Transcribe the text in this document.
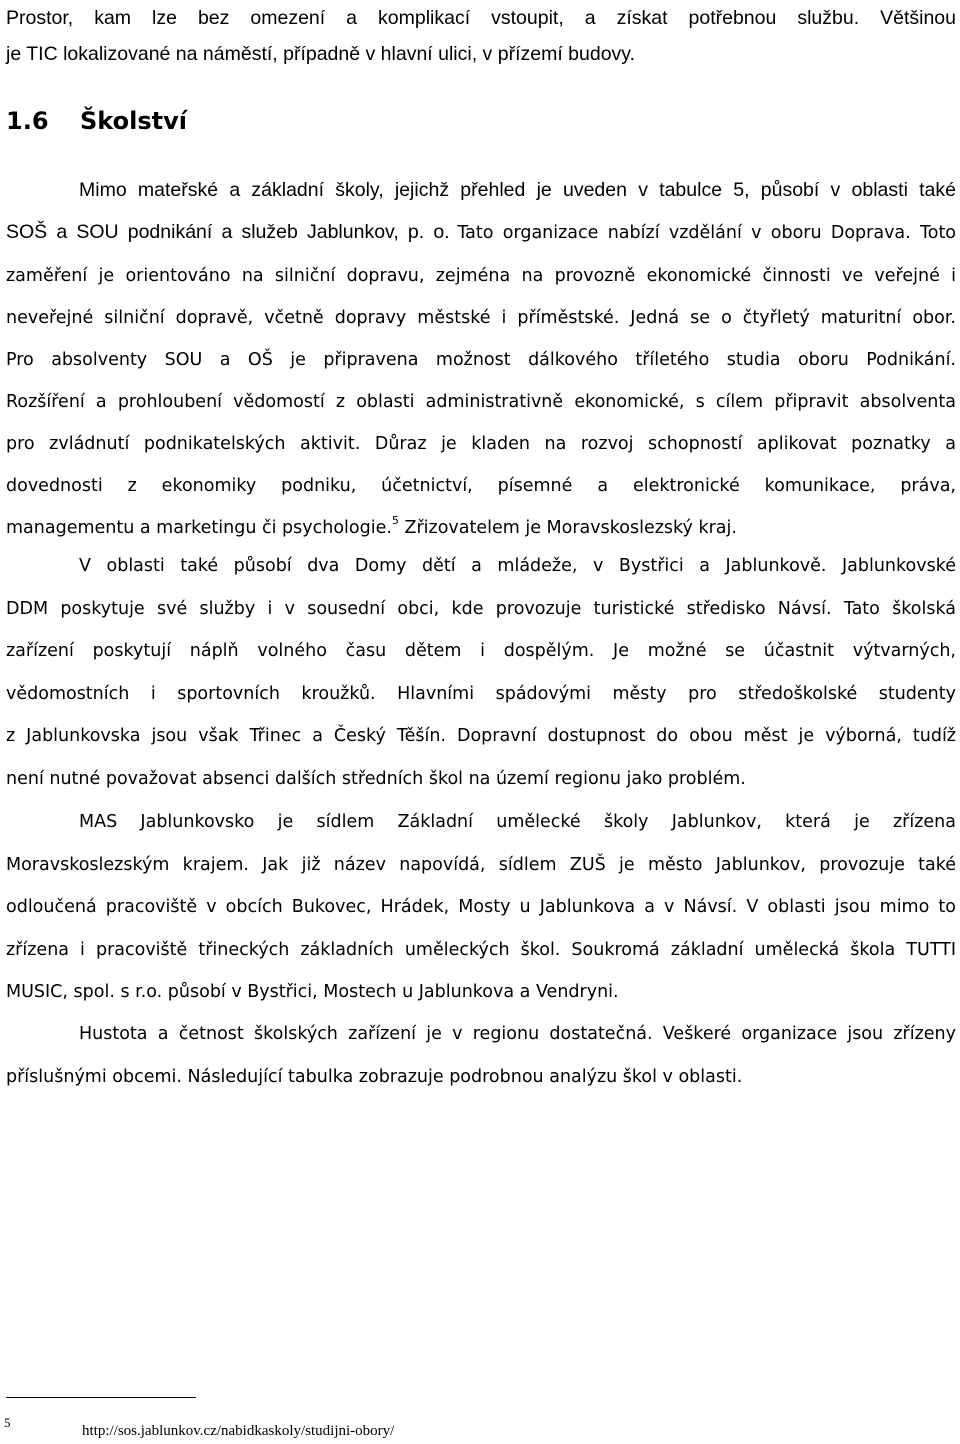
Prostor, kam lze bez omezení a komplikací vstoupit, a získat potřebnou službu. Většinou
je TIC lokalizované na náměstí, případně v hlavní ulici, v přízemí budovy.
1.6 Školství
Mimo mateřské a základní školy, jejichž přehled je uveden v tabulce 5, působí v oblasti také
SOŠ a SOU podnikání a služeb Jablunkov, p. o. Tato organizace nabízí vzdělání v oboru Doprava. Toto
zaměření je orientováno na silniční dopravu, zejména na provozně ekonomické činnosti ve veřejné i
neveřejné silniční dopravě, včetně dopravy městské i příměstské. Jedná se o čtyřletý maturitní obor.
Pro absolventy SOU a OŠ je připravena možnost dálkového tříletého studia oboru Podnikání.
Rozšíření a prohloubení vědomostí z oblasti administrativně ekonomické, s cílem připravit absolventa
pro zvládnutí podnikatelských aktivit. Důraz je kladen na rozvoj schopností aplikovat poznatky a
dovednosti z ekonomiky podniku, účetnictví, písemné a elektronické komunikace, práva,
managementu a marketingu či psychologie.$^5$ Zřizovatelem je Moravskoslezský kraj.
V oblasti také působí dva Domy dětí a mládeže, v Bystřici a Jablunkově. Jablunkovské
DDM poskytuje své služby i v sousední obci, kde provozuje turistické středisko Návsí. Tato školská
zařízení poskytují náplň volného času dětem i dospělým. Je možné se účastnit výtvarných,
vědomostních i sportovních kroužků. Hlavními spádovými městy pro středoškolské studenty
z Jablunkovska jsou však Třinec a Český Těšín. Dopravní dostupnost do obou měst je výborná, tudíž
není nutné považovat absenci dalších středních škol na území regionu jako problém.
MAS Jablunkovsko je sídlem Základní umělecké školy Jablunkov, která je zřízena
Moravskoslezským krajem. Jak již název napovídá, sídlem ZUŠ je město Jablunkov, provozuje také
odloučená pracoviště v obcích Bukovec, Hrádek, Mosty u Jablunkova a v Návsí. V oblasti jsou mimo to
zřízena i pracoviště třineckých základních uměleckých škol. Soukromá základní umělecká škola TUTTI
MUSIC, spol. s r.o. působí v Bystřici, Mostech u Jablunkova a Vendryni.
Hustota a četnost školských zařízení je v regionu dostatečná. Veškeré organizace jsou zřízeny
příslušnými obcemi. Následující tabulka zobrazuje podrobnou analýzu škol v oblasti.
5
http://sos.jablunkov.cz/nabidkaskoly/studijni-obory/
